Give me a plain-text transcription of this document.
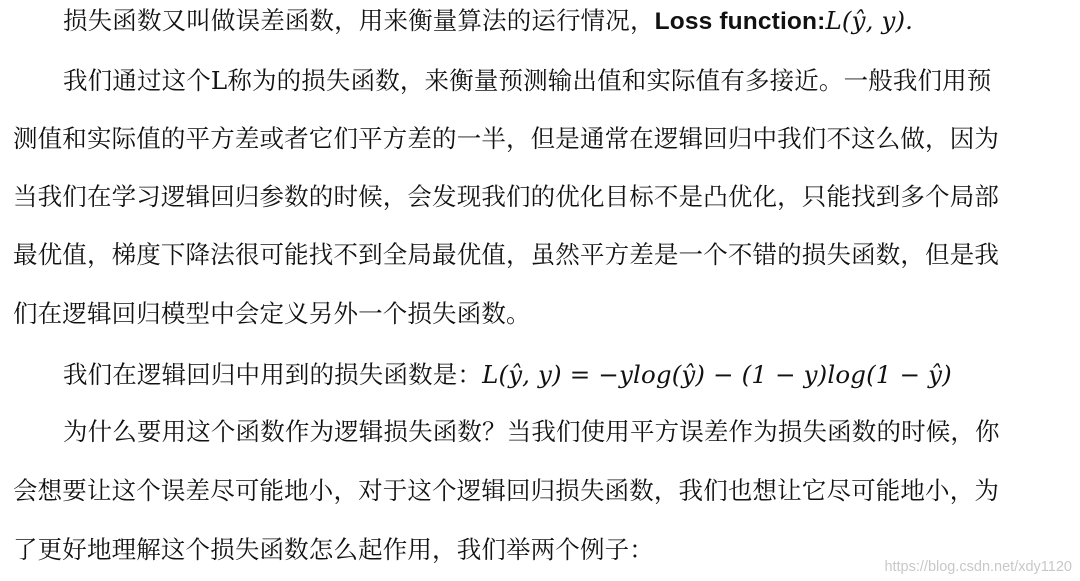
损失函数又叫做误差函数，用来衡量算法的运行情况，Loss function:L(ŷ, y).
我们通过这个L称为的损失函数，来衡量预测输出值和实际值有多接近。一般我们用预
测值和实际值的平方差或者它们平方差的一半，但是通常在逻辑回归中我们不这么做，因为
当我们在学习逻辑回归参数的时候，会发现我们的优化目标不是凸优化，只能找到多个局部
最优值，梯度下降法很可能找不到全局最优值，虽然平方差是一个不错的损失函数，但是我
们在逻辑回归模型中会定义另外一个损失函数。
我们在逻辑回归中用到的损失函数是：L(ŷ, y) = −ylog(ŷ) − (1 − y)log(1 − ŷ)
为什么要用这个函数作为逻辑损失函数？当我们使用平方误差作为损失函数的时候，你
会想要让这个误差尽可能地小，对于这个逻辑回归损失函数，我们也想让它尽可能地小，为
了更好地理解这个损失函数怎么起作用，我们举两个例子：
https://blog.csdn.net/xdy1120
